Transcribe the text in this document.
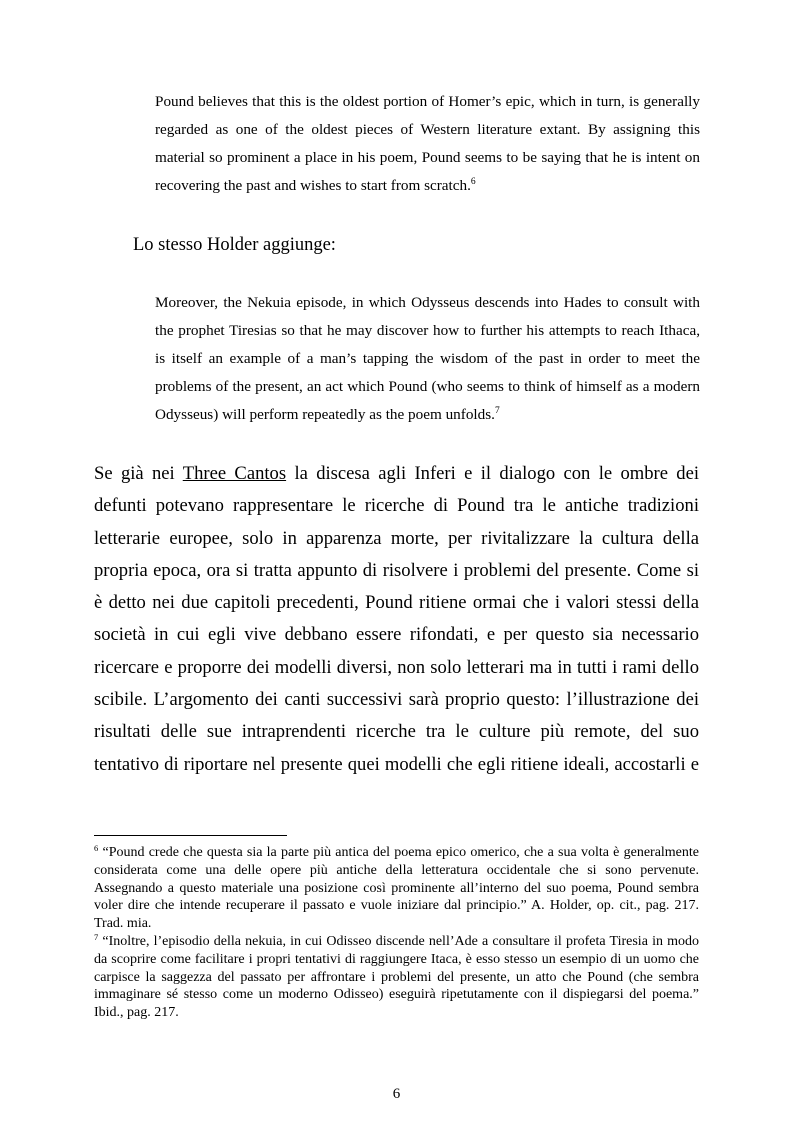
Pound believes that this is the oldest portion of Homer’s epic, which in turn, is generally regarded as one of the oldest pieces of Western literature extant. By assigning this material so prominent a place in his poem, Pound seems to be saying that he is intent on recovering the past and wishes to start from scratch.$^6$
Lo stesso Holder aggiunge:
Moreover, the Nekuia episode, in which Odysseus descends into Hades to consult with the prophet Tiresias so that he may discover how to further his attempts to reach Ithaca, is itself an example of a man’s tapping the wisdom of the past in order to meet the problems of the present, an act which Pound (who seems to think of himself as a modern Odysseus) will perform repeatedly as the poem unfolds.$^7$
Se già nei Three Cantos la discesa agli Inferi e il dialogo con le ombre dei defunti potevano rappresentare le ricerche di Pound tra le antiche tradizioni letterarie europee, solo in apparenza morte, per rivitalizzare la cultura della propria epoca, ora si tratta appunto di risolvere i problemi del presente. Come si è detto nei due capitoli precedenti, Pound ritiene ormai che i valori stessi della società in cui egli vive debbano essere rifondati, e per questo sia necessario ricercare e proporre dei modelli diversi, non solo letterari ma in tutti i rami dello scibile. L’argomento dei canti successivi sarà proprio questo: l’illustrazione dei risultati delle sue intraprendenti ricerche tra le culture più remote, del suo tentativo di riportare nel presente quei modelli che egli ritiene ideali, accostarli e

$^6$ “Pound crede che questa sia la parte più antica del poema epico omerico, che a sua volta è generalmente considerata come una delle opere più antiche della letteratura occidentale che si sono pervenute. Assegnando a questo materiale una posizione così prominente all’interno del suo poema, Pound sembra voler dire che intende recuperare il passato e vuole iniziare dal principio.” A. Holder, op. cit., pag. 217. Trad. mia.

$^7$ “Inoltre, l’episodio della nekuia, in cui Odisseo discende nell’Ade a consultare il profeta Tiresia in modo da scoprire come facilitare i propri tentativi di raggiungere Itaca, è esso stesso un esempio di un uomo che carpisce la saggezza del passato per affrontare i problemi del presente, un atto che Pound (che sembra immaginare sé stesso come un moderno Odisseo) eseguirà ripetutamente con il dispiegarsi del poema.” Ibid., pag. 217.

6
